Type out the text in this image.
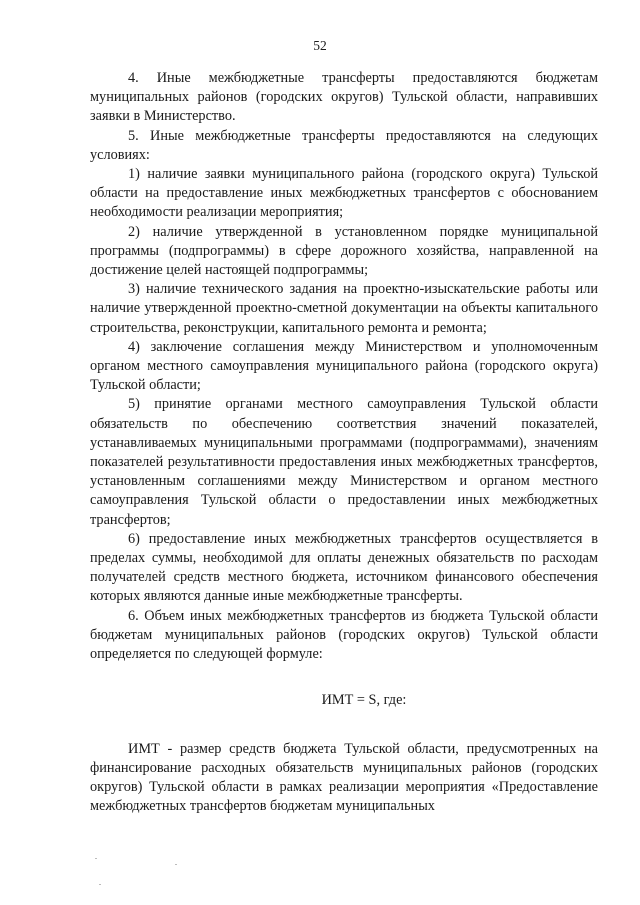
52

4. Иные межбюджетные трансферты предоставляются бюджетам муниципальных районов (городских округов) Тульской области, направивших заявки в Министерство.

5. Иные межбюджетные трансферты предоставляются на следующих условиях:

1) наличие заявки муниципального района (городского округа) Тульской области на предоставление иных межбюджетных трансфертов с обоснованием необходимости реализации мероприятия;

2) наличие утвержденной в установленном порядке муниципальной программы (подпрограммы) в сфере дорожного хозяйства, направленной на достижение целей настоящей подпрограммы;

3) наличие технического задания на проектно-изыскательские работы или наличие утвержденной проектно-сметной документации на объекты капитального строительства, реконструкции, капитального ремонта и ремонта;

4) заключение соглашения между Министерством и уполномоченным органом местного самоуправления муниципального района (городского округа) Тульской области;

5) принятие органами местного самоуправления Тульской области обязательств по обеспечению соответствия значений показателей, устанавливаемых муниципальными программами (подпрограммами), значениям показателей результативности предоставления иных межбюджетных трансфертов, установленным соглашениями между Министерством и органом местного самоуправления Тульской области о предоставлении иных межбюджетных трансфертов;

6) предоставление иных межбюджетных трансфертов осуществляется в пределах суммы, необходимой для оплаты денежных обязательств по расходам получателей средств местного бюджета, источником финансового обеспечения которых являются данные иные межбюджетные трансферты.

6. Объем иных межбюджетных трансфертов из бюджета Тульской области бюджетам муниципальных районов (городских округов) Тульской области определяется по следующей формуле:

ИМТ = S, где:

ИМТ - размер средств бюджета Тульской области, предусмотренных на финансирование расходных обязательств муниципальных районов (городских округов) Тульской области в рамках реализации мероприятия «Предоставление межбюджетных трансфертов бюджетам муниципальных
